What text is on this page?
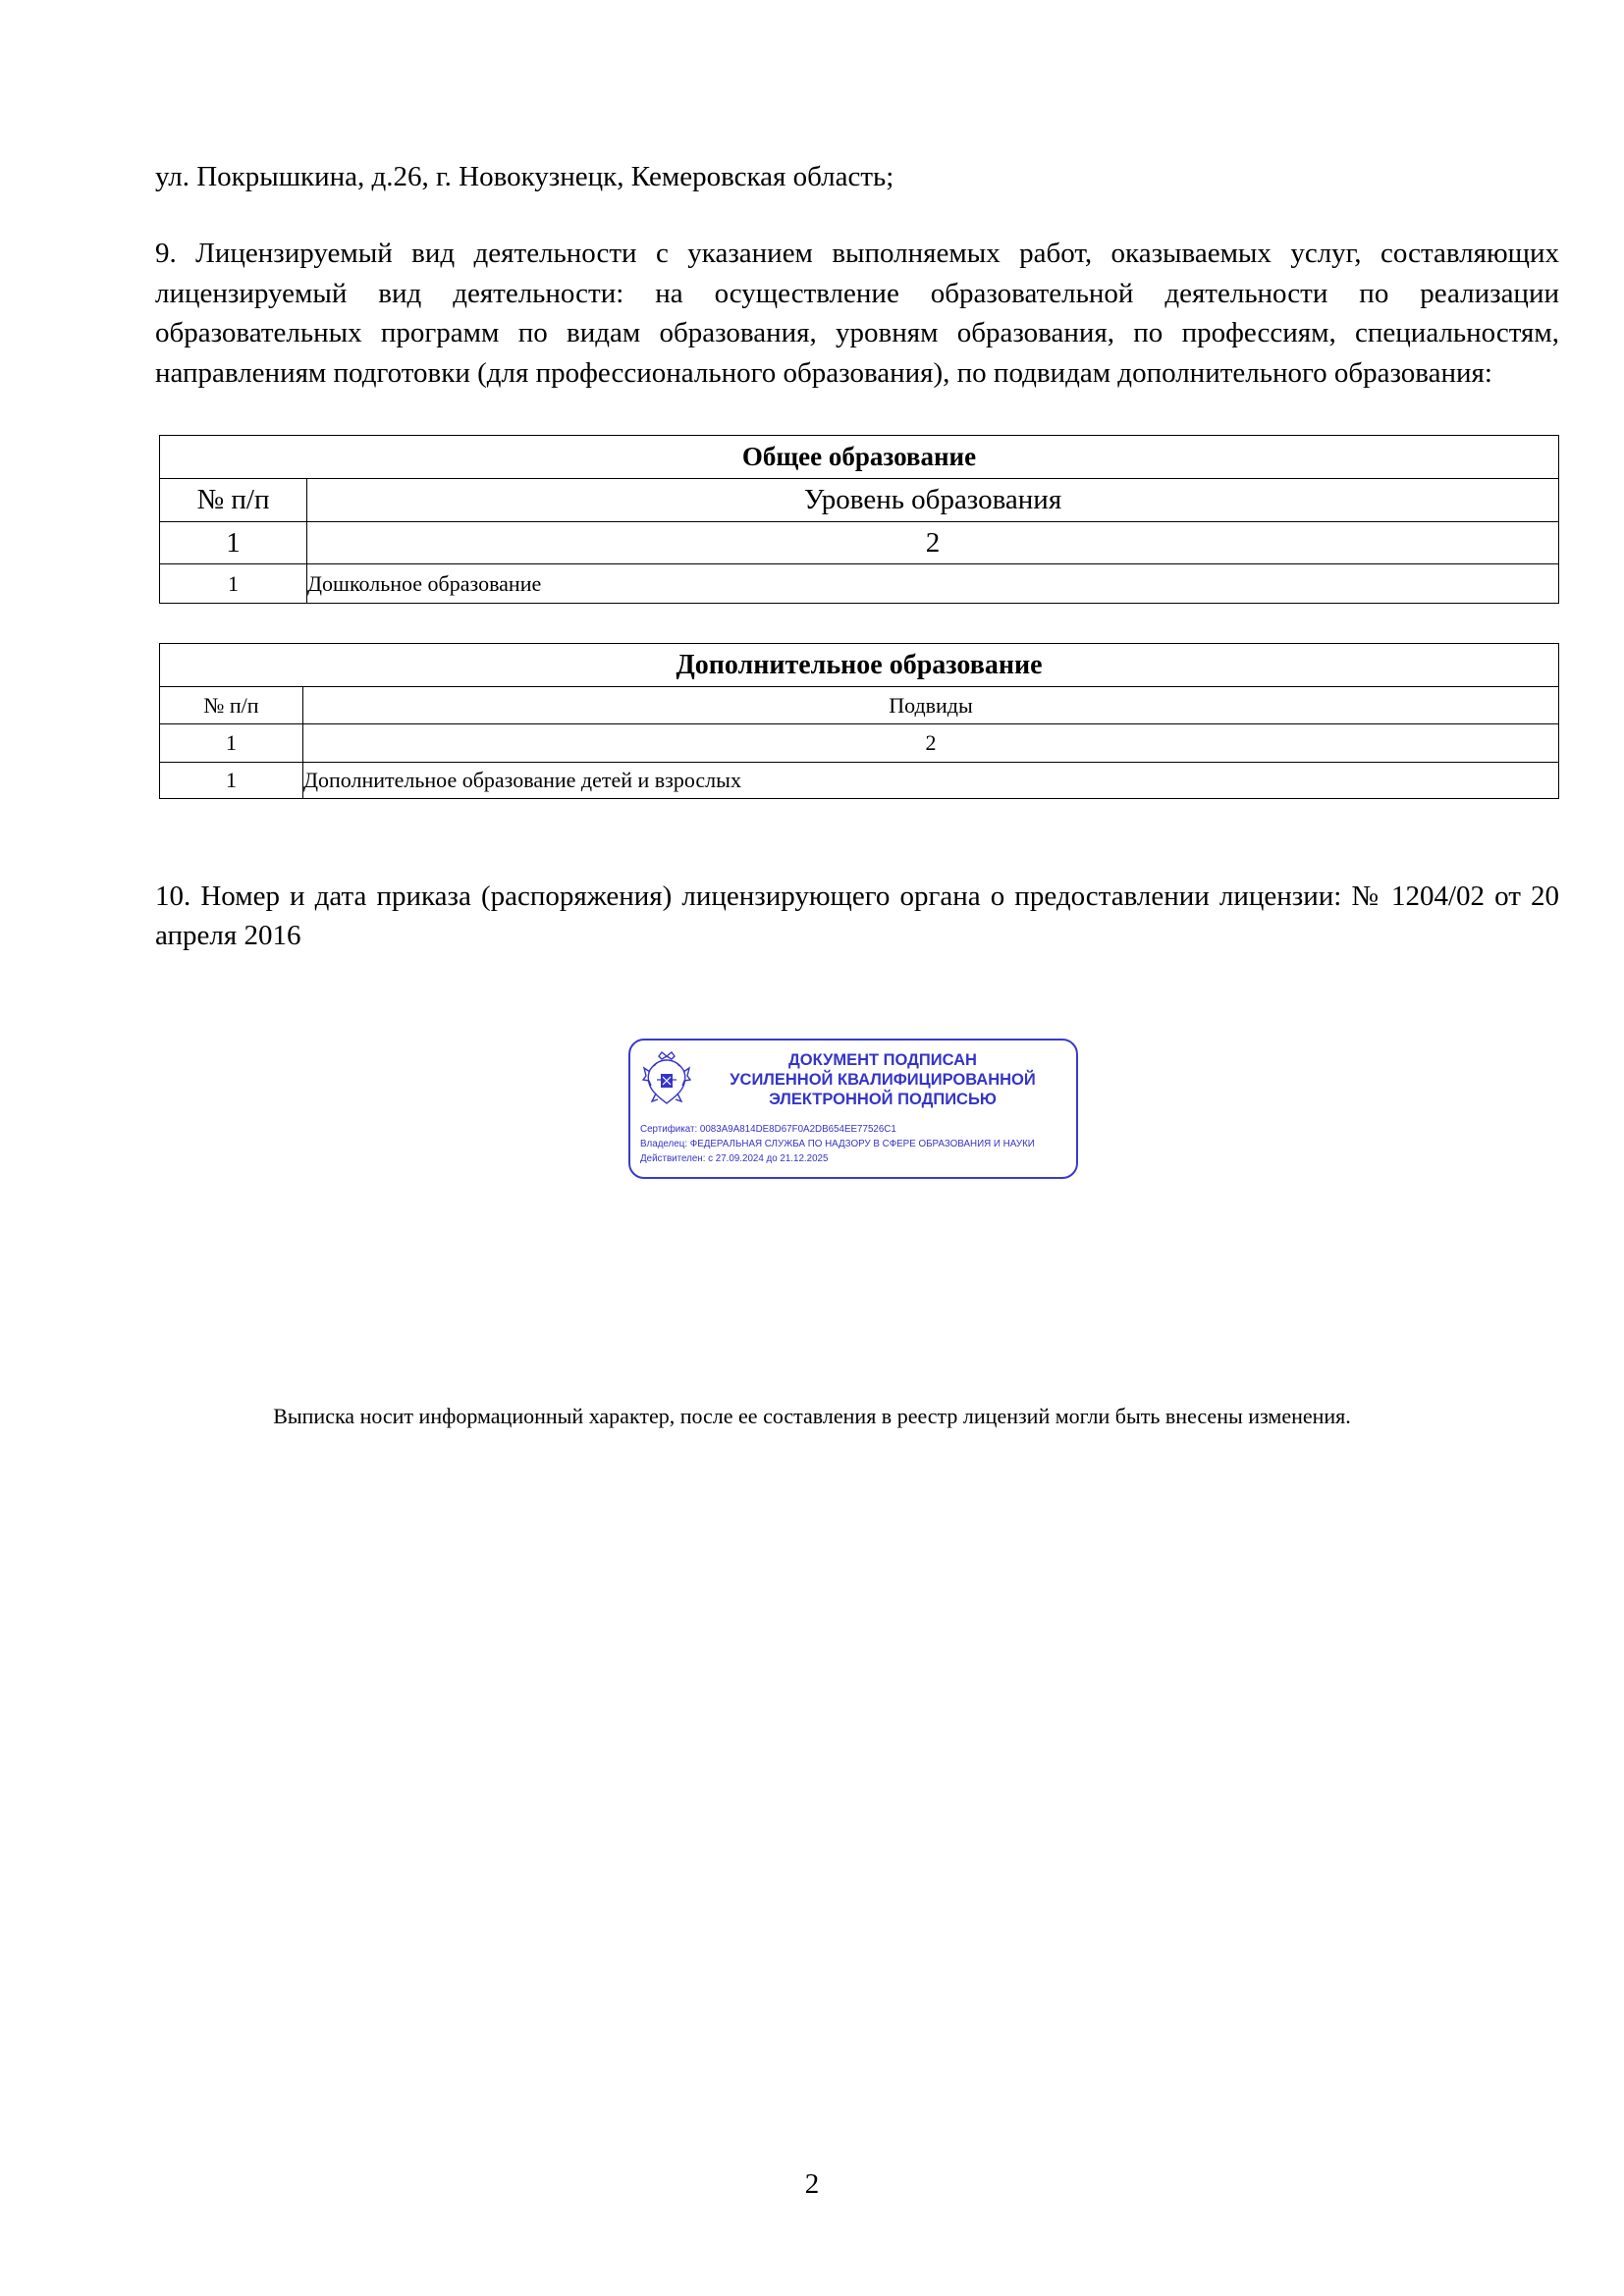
ул. Покрышкина, д.26, г. Новокузнецк, Кемеровская область;
9. Лицензируемый вид деятельности с указанием выполняемых работ, оказываемых услуг, составляющих лицензируемый вид деятельности: на осуществление образовательной деятельности по реализации образовательных программ по видам образования, уровням образования, по профессиям, специальностям, направлениям подготовки (для профессионального образования), по подвидам дополнительного образования:
Общее образование	
№ п/п	Уровень образования
1	2
1	Дошкольное образование
Дополнительное образование	
№ п/п	Подвиды
1	2
1	Дополнительное образование детей и взрослых
10. Номер и дата приказа (распоряжения) лицензирующего органа о предоставлении лицензии: № 1204/02 от 20 апреля 2016
ДОКУМЕНТ ПОДПИСАН
УСИЛЕННОЙ КВАЛИФИЦИРОВАННОЙ
ЭЛЕКТРОННОЙ ПОДПИСЬЮ
Сертификат: 0083A9A814DE8D67F0A2DB654EE77526C1
Владелец: ФЕДЕРАЛЬНАЯ СЛУЖБА ПО НАДЗОРУ В СФЕРЕ ОБРАЗОВАНИЯ И НАУКИ
Действителен: с 27.09.2024 до 21.12.2025
Выписка носит информационный характер, после ее составления в реестр лицензий могли быть внесены изменения.
2
